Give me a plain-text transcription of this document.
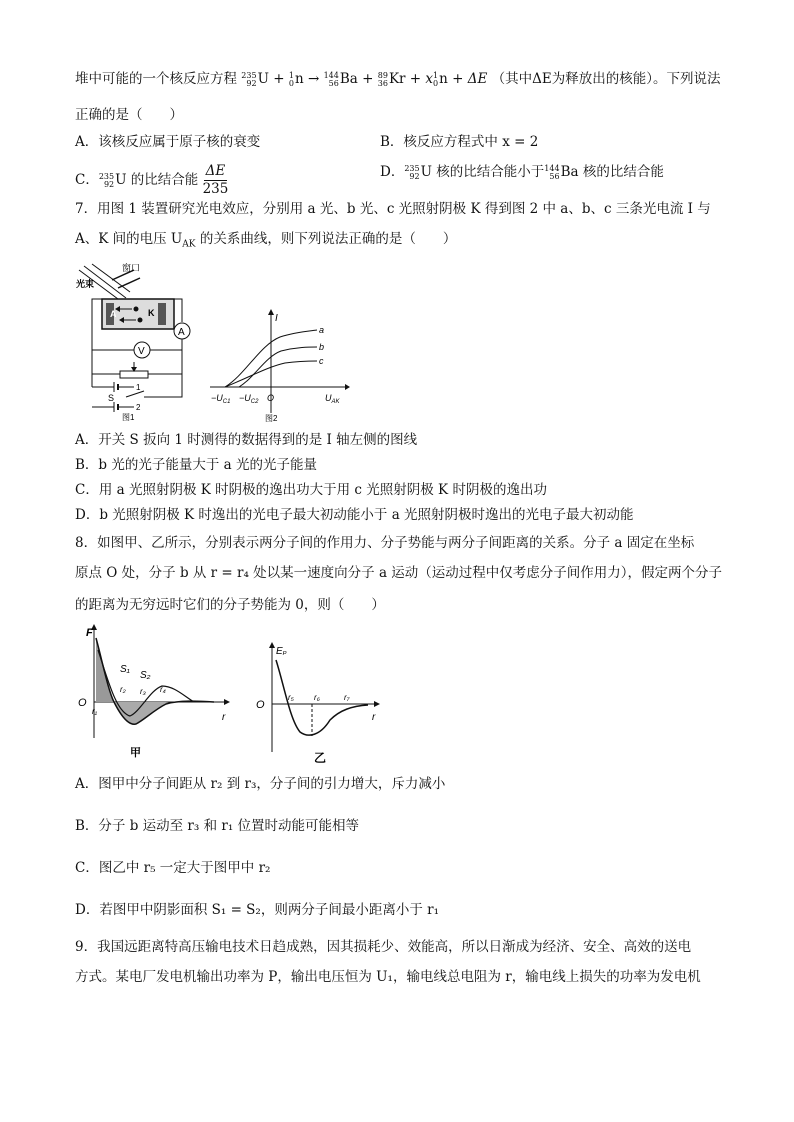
堆中可能的一个核反应方程 235
92 U + 1
0 n → 144
56 Ba + 89
36 Kr + x 1
0 n + ΔE （其中ΔE为释放出的核能）。下列说法
正确的是（　　）
A．该核反应属于原子核的衰变	B．核反应方程式中 x = 2
C． 235
92 U 的比结合能 $\frac{\Delta E}{235}$	D． 235
92 U 核的比结合能小于 144
56 Ba 核的比结合能
7．用图 1 装置研究光电效应，分别用 a 光、b 光、c 光照射阴极 K 得到图 2 中 a、b、c 三条光电流 I 与
A、K 间的电压 $U_{AK}$ 的关系曲线，则下列说法正确的是（　　）
窗口
光束
A	K
A
V
1
2
S
图1
I
a
b
c
$-U_{C1} -U_{C2}$ O	$U_{AK}$
图2
A．开关 S 扳向 1 时测得的数据得到的是 I 轴左侧的图线
B．b 光的光子能量大于 a 光的光子能量
C．用 a 光照射阴极 K 时阴极的逸出功大于用 c 光照射阴极 K 时阴极的逸出功
D．b 光照射阴极 K 时逸出的光电子最大初动能小于 a 光照射阴极时逸出的光电子最大初动能
8．如图甲、乙所示，分别表示两分子间的作用力、分子势能与两分子间距离的关系。分子 a 固定在坐标
原点 O 处，分子 b 从 r = r₄ 处以某一速度向分子 a 运动（运动过程中仅考虑分子间作用力），假定两个分子
的距离为无穷远时它们的分子势能为 0，则（　　）
F
O
r
S₁
S₂
r₂ r₃ r₄
r₁
甲
Eₚ
O
r
r₅	r₆	r₇
乙
A．图甲中分子间距从 r₂ 到 r₃，分子间的引力增大，斥力减小
B．分子 b 运动至 r₃ 和 r₁ 位置时动能可能相等
C．图乙中 r₅ 一定大于图甲中 r₂
D．若图甲中阴影面积 S₁ = S₂，则两分子间最小距离小于 r₁
9．我国远距离特高压输电技术日趋成熟，因其损耗少、效能高，所以日渐成为经济、安全、高效的送电
方式。某电厂发电机输出功率为 P，输出电压恒为 U₁，输电线总电阻为 r，输电线上损失的功率为发电机
